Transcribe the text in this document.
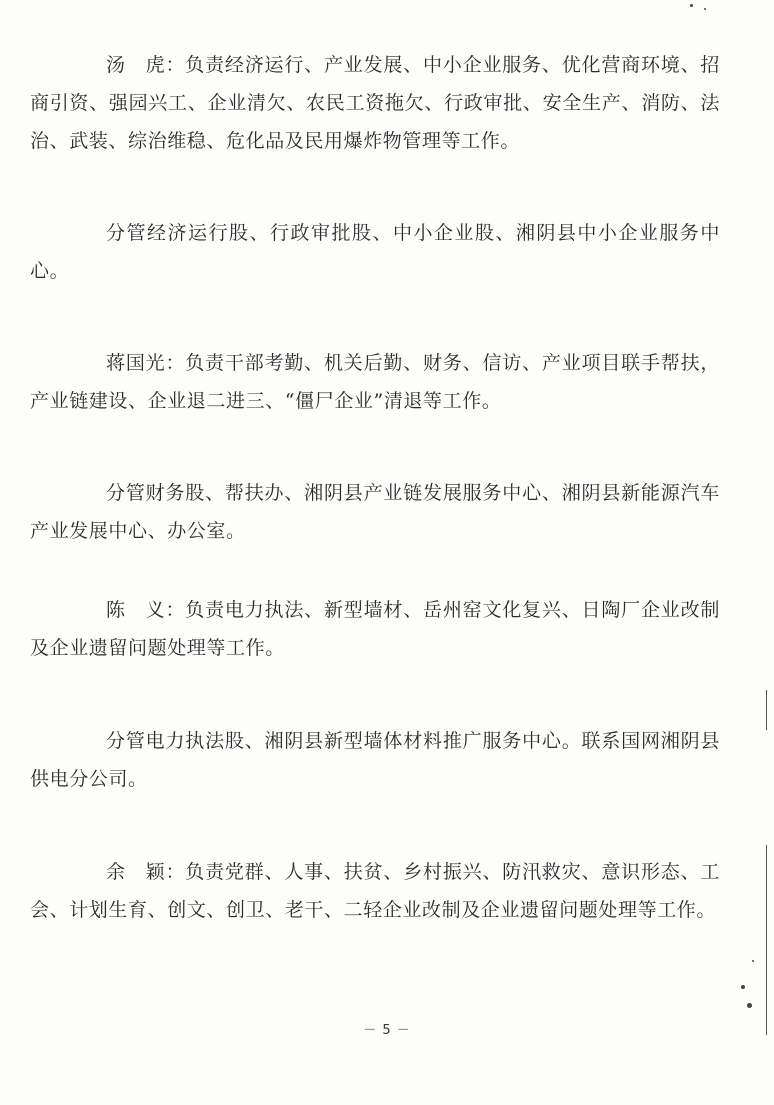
汤　虎：负责经济运行、产业发展、中小企业服务、优化营商环境、招商引资、强园兴工、企业清欠、农民工资拖欠、行政审批、安全生产、消防、法治、武装、综治维稳、危化品及民用爆炸物管理等工作。

分管经济运行股、行政审批股、中小企业股、湘阴县中小企业服务中心。

蒋国光：负责干部考勤、机关后勤、财务、信访、产业项目联手帮扶，产业链建设、企业退二进三、“僵尸企业”清退等工作。

分管财务股、帮扶办、湘阴县产业链发展服务中心、湘阴县新能源汽车产业发展中心、办公室。

陈　义：负责电力执法、新型墙材、岳州窑文化复兴、日陶厂企业改制及企业遗留问题处理等工作。

分管电力执法股、湘阴县新型墙体材料推广服务中心。联系国网湘阴县供电分公司。

余　颖：负责党群、人事、扶贫、乡村振兴、防汛救灾、意识形态、工会、计划生育、创文、创卫、老干、二轻企业改制及企业遗留问题处理等工作。

－ 5 －
